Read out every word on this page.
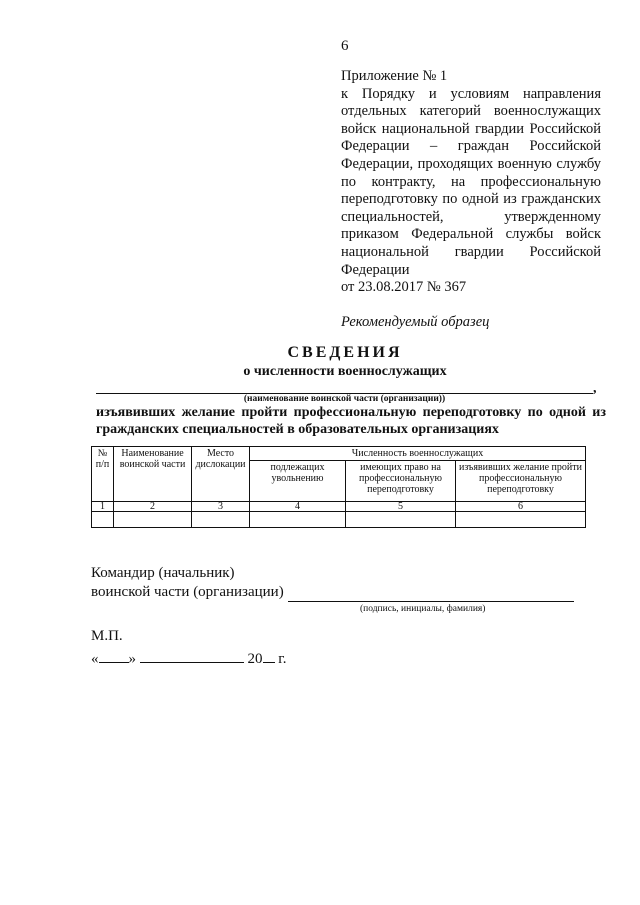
6
Приложение № 1
к Порядку и условиям направления отдельных категорий военнослужащих войск национальной гвардии Российской Федерации – граждан Российской Федерации, проходящих военную службу по контракту, на профессиональную переподготовку по одной из гражданских специальностей, утвержденному приказом Федеральной службы войск национальной гвардии Российской Федерации
от 23.08.2017 № 367
Рекомендуемый образец
СВЕДЕНИЯ
о численности военнослужащих
,
(наименование воинской части (организации))
изъявивших желание пройти профессиональную переподготовку по одной из гражданских специальностей в образовательных организациях
№ п/п	Наименование воинской части	Место дислокации	Численность военнослужащих		
			подлежащих увольнению	имеющих право на профессиональную переподготовку	изъявивших желание пройти профессиональную переподготовку
1	2	3	4	5	6

Командир (начальник)
воинской части (организации)
(подпись, инициалы, фамилия)
М.П.
« »	20 г.
